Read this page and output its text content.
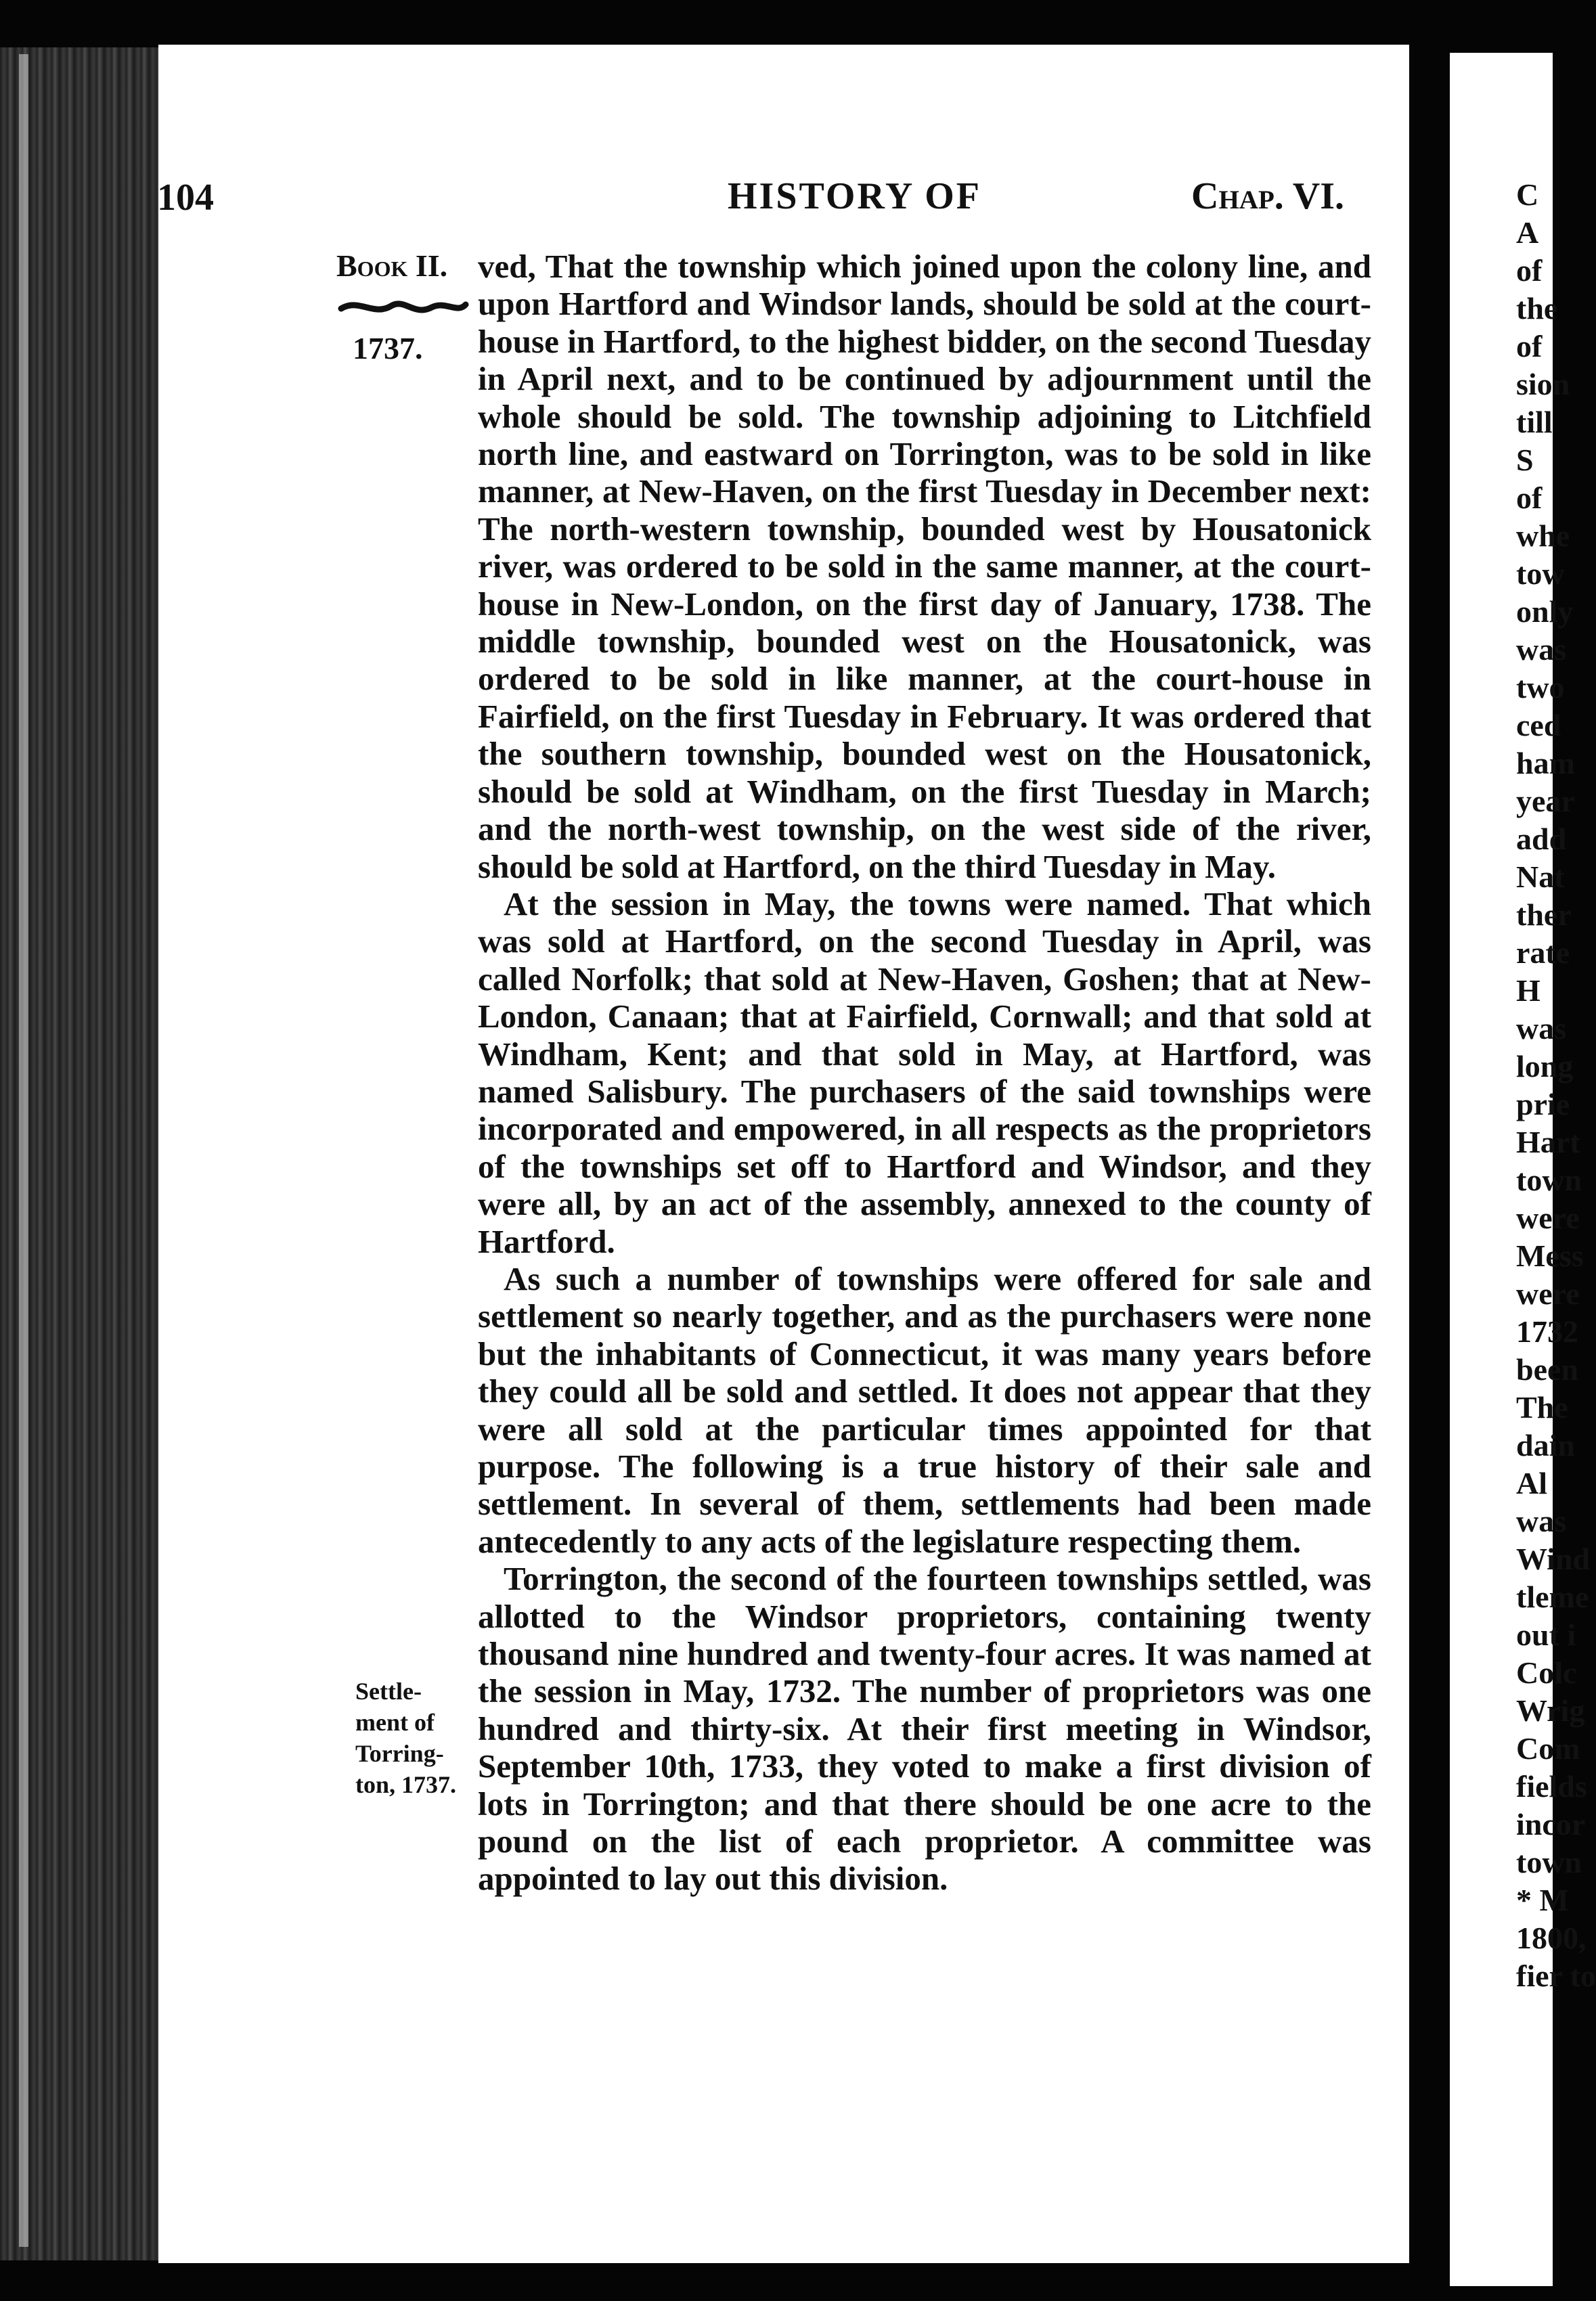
C
A
of
the
of
sion
till
S
of
whe
tow
only
was
two
ced
ham
year
add
Nat
ther
rate
H
was
long
prie
Hart
town
were
Mess
were
1732
been
The
dain
Al
was
Wind
tleme
out i
Colc
Wrig
Com
fields
incor
town
* M
1800,
fier to
104	HISTORY OF	Chap. VI.
Book II.
1737.
Settle-
ment of
Torring-
ton, 1737.

ved, That the township which joined upon the colony line, and upon Hartford and Windsor lands, should be sold at the court-house in Hartford, to the highest bidder, on the second Tuesday in April next, and to be continued by adjournment until the whole should be sold. The township adjoining to Litchfield north line, and eastward on Torrington, was to be sold in like manner, at New-Haven, on the first Tuesday in December next: The north-western township, bounded west by Housatonick river, was ordered to be sold in the same manner, at the court-house in New-London, on the first day of January, 1738. The middle township, bounded west on the Housatonick, was ordered to be sold in like manner, at the court-house in Fairfield, on the first Tuesday in February. It was ordered that the southern township, bounded west on the Housatonick, should be sold at Windham, on the first Tuesday in March; and the north-west township, on the west side of the river, should be sold at Hartford, on the third Tuesday in May.

At the session in May, the towns were named. That which was sold at Hartford, on the second Tuesday in April, was called Norfolk; that sold at New-Haven, Goshen; that at New-London, Canaan; that at Fairfield, Cornwall; and that sold at Windham, Kent; and that sold in May, at Hartford, was named Salisbury. The purchasers of the said townships were incorporated and empowered, in all respects as the proprietors of the townships set off to Hartford and Windsor, and they were all, by an act of the assembly, annexed to the county of Hartford.

As such a number of townships were offered for sale and settlement so nearly together, and as the purchasers were none but the inhabitants of Connecticut, it was many years before they could all be sold and settled. It does not appear that they were all sold at the particular times appointed for that purpose. The following is a true history of their sale and settlement. In several of them, settlements had been made antecedently to any acts of the legislature respecting them.

Torrington, the second of the fourteen townships settled, was allotted to the Windsor proprietors, containing twenty thousand nine hundred and twenty-four acres. It was named at the session in May, 1732. The number of proprietors was one hundred and thirty-six. At their first meeting in Windsor, September 10th, 1733, they voted to make a first division of lots in Torrington; and that there should be one acre to the pound on the list of each proprietor. A committee was appointed to lay out this division.
